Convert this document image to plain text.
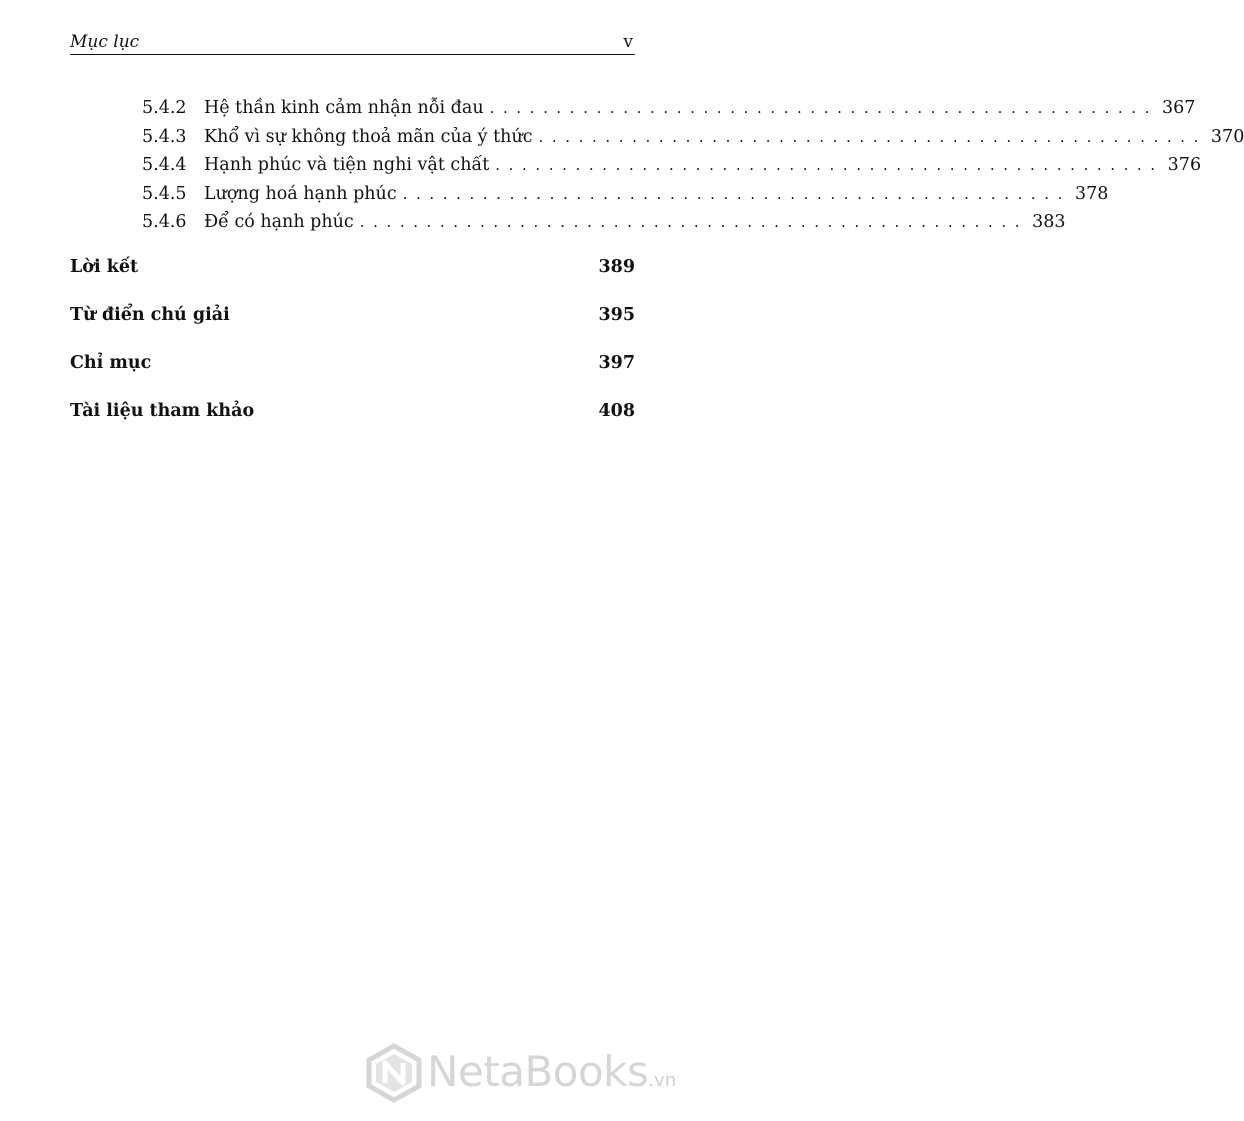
Mục lục	v
5.4.2 Hệ thần kinh cảm nhận nỗi đau .................................................. 367
5.4.3 Khổ vì sự không thoả mãn của ý thức .................................................. 370
5.4.4 Hạnh phúc và tiện nghi vật chất .................................................. 376
5.4.5 Lượng hoá hạnh phúc .................................................. 378
5.4.6 Để có hạnh phúc .................................................. 383
Lời kết	389
Từ điển chú giải	395
Chỉ mục	397
Tài liệu tham khảo	408
NetaBooks.vn
